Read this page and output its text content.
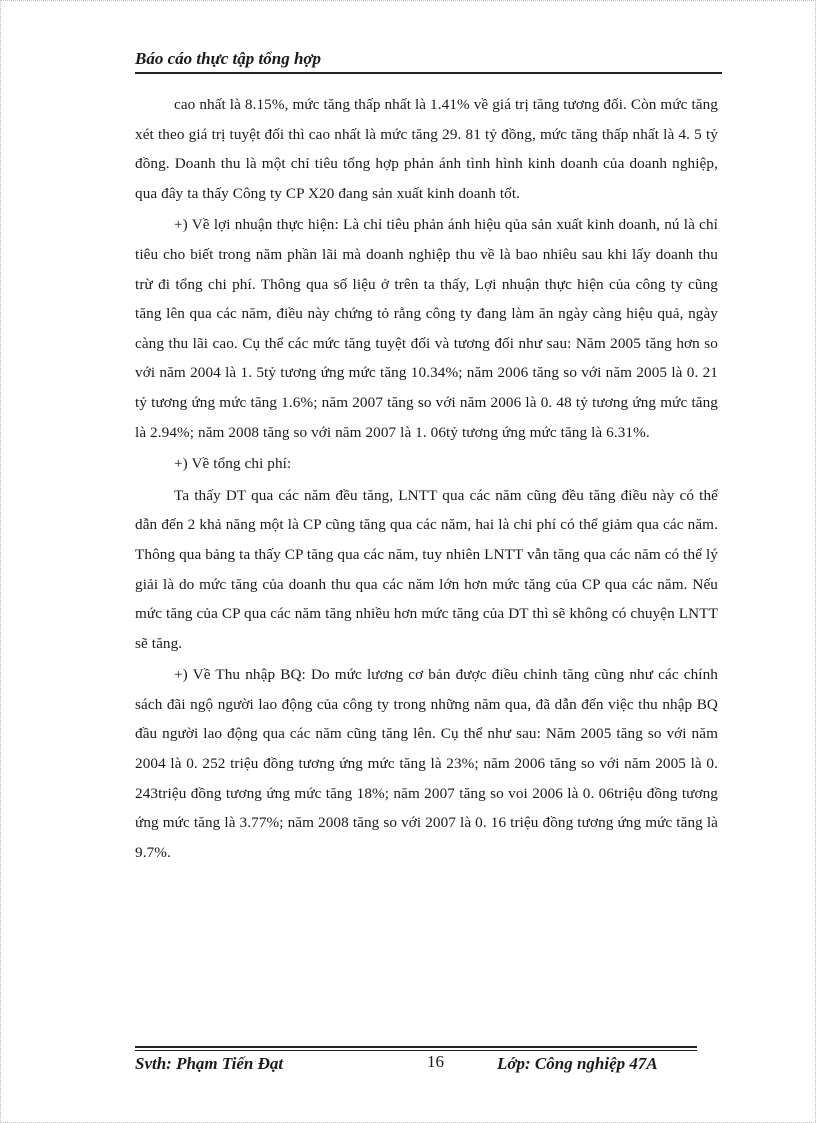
Báo cáo thực tập tổng hợp

cao nhất là 8.15%, mức tăng thấp nhất là 1.41% về giá trị tăng tương đối. Còn mức tăng xét theo giá trị tuyệt đối thì cao nhất là mức tăng 29. 81 tỷ đồng, mức tăng thấp nhất là 4. 5 tỷ đồng. Doanh thu là một chỉ tiêu tổng hợp phản ánh tình hình kinh doanh của doanh nghiệp, qua đây ta thấy Công ty CP X20 đang sản xuất kinh doanh tốt.

+) Về lợi nhuận thực hiện: Là chỉ tiêu phản ánh hiệu qủa sản xuất kinh doanh, nú là chỉ tiêu cho biết trong năm phần lãi mà doanh nghiệp thu về là bao nhiêu sau khi lấy doanh thu trừ đi tổng chi phí. Thông qua số liệu ở trên ta thấy, Lợi nhuận thực hiện của công ty cũng tăng lên qua các năm, điều này chứng tỏ rằng công ty đang làm ăn ngày càng hiệu quả, ngày càng thu lãi cao. Cụ thể các mức tăng tuyệt đối và tương đối như sau: Năm 2005 tăng hơn so với năm 2004 là 1. 5tỷ tương ứng mức tăng 10.34%; năm 2006 tăng so với năm 2005 là 0. 21 tỷ tương ứng mức tăng 1.6%; năm 2007 tăng so với năm 2006 là 0. 48 tỷ tương ứng mức tăng là 2.94%; năm 2008 tăng so với năm 2007 là 1. 06tỷ tương ứng mức tăng là 6.31%.

+) Về tổng chi phí:

Ta thấy DT qua các năm đều tăng, LNTT qua các năm cũng đều tăng điều này có thể dẫn đến 2 khả năng một là CP cũng tăng qua các năm, hai là chi phí có thể giảm qua các năm. Thông qua bảng ta thấy CP tăng qua các năm, tuy nhiên LNTT vẫn tăng qua các năm có thể lý giải là do mức tăng của doanh thu qua các năm lớn hơn mức tăng của CP qua các năm. Nếu mức tăng của CP qua các năm tăng nhiều hơn mức tăng của DT thì sẽ không có chuyện LNTT sẽ tăng.

+) Về Thu nhập BQ: Do mức lương cơ bản được điều chỉnh tăng cũng như các chính sách đãi ngộ người lao động của công ty trong những năm qua, đã dẫn đến việc thu nhập BQ đầu người lao động qua các năm cũng tăng lên. Cụ thể như sau: Năm 2005 tăng so với năm 2004 là 0. 252 triệu đồng tương ứng mức tăng là 23%; năm 2006 tăng so với năm 2005 là 0. 243triệu đồng tương ứng mức tăng 18%; năm 2007 tăng so voi 2006 là 0. 06triệu đồng tương ứng mức tăng là 3.77%; năm 2008 tăng so với 2007 là 0. 16 triệu đồng tương ứng mức tăng là 9.7%.

Svth: Phạm Tiến Đạt	16	Lớp: Công nghiệp 47A
